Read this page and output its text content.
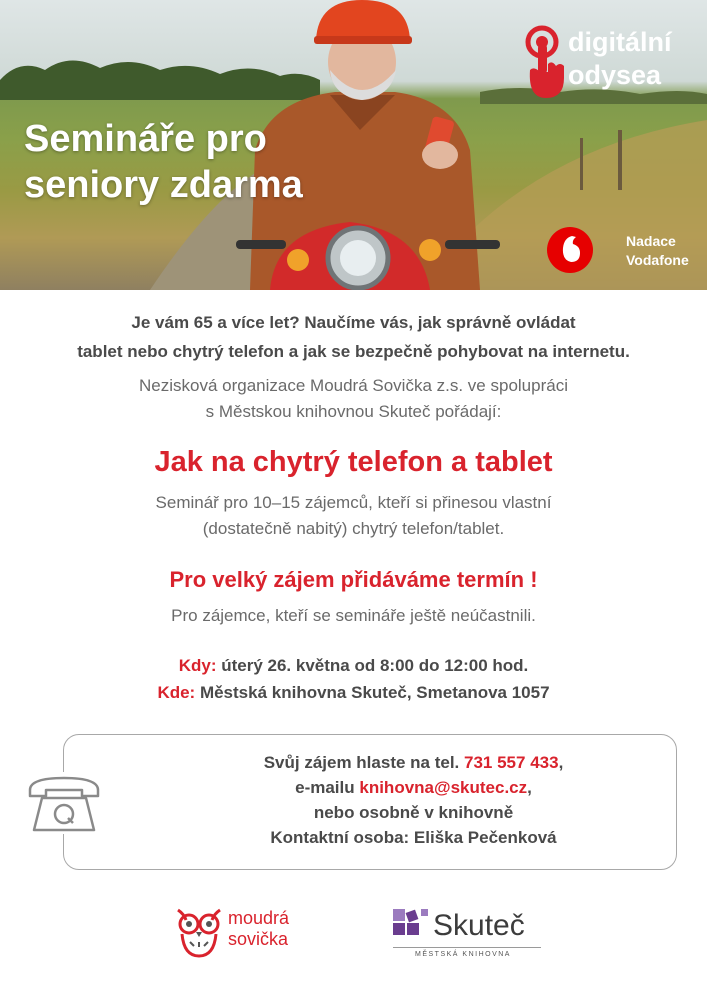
Semináře pro
seniory zdarma
digitální
odysea
Nadace
Vodafone
Je vám 65 a více let? Naučíme vás, jak správně ovládat
tablet nebo chytrý telefon a jak se bezpečně pohybovat na internetu.
Nezisková organizace Moudrá Sovička z.s. ve spolupráci
s Městskou knihovnou Skuteč pořádají:
Jak na chytrý telefon a tablet
Seminář pro 10–15 zájemců, kteří si přinesou vlastní
(dostatečně nabitý) chytrý telefon/tablet.
Pro velký zájem přidáváme termín !
Pro zájemce, kteří se semináře ještě neúčastnili.
Kdy: úterý 26. května od 8:00 do 12:00 hod.
Kde: Městská knihovna Skuteč, Smetanova 1057
Svůj zájem hlaste na tel. 731 557 433,
e-mailu knihovna@skutec.cz,
nebo osobně v knihovně
Kontaktní osoba: Eliška Pečenková
moudrá
sovička	Skuteč
MĚSTSKÁ KNIHOVNA
